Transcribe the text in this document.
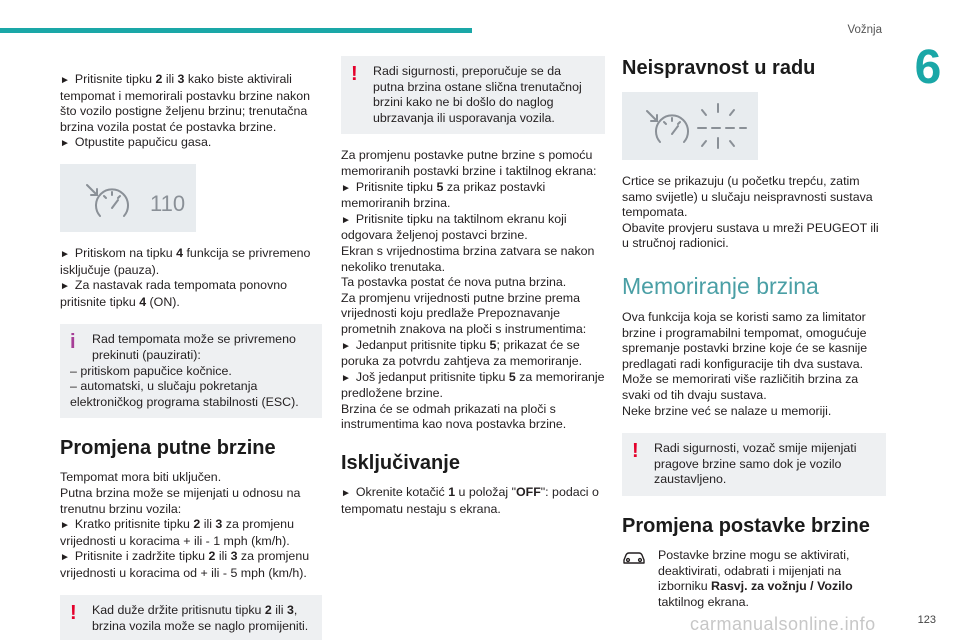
Vožnja
6

► Pritisnite tipku 2 ili 3 kako biste aktivirali tempomat i memorirali postavku brzine nakon što vozilo postigne željenu brzinu; trenutačna brzina vozila postat će postavka brzine.

► Otpustite papučicu gasa.

110

► Pritiskom na tipku 4 funkcija se privremeno isključuje (pauza).

► Za nastavak rada tempomata ponovno pritisnite tipku 4 (ON).

i	Rad tempomata može se privremeno prekinuti (pauzirati):

– pritiskom papučice kočnice.

– automatski, u slučaju pokretanja elektroničkog programa stabilnosti (ESC).

Promjena putne brzine

Tempomat mora biti uključen.

Putna brzina može se mijenjati u odnosu na trenutnu brzinu vozila:

► Kratko pritisnite tipku 2 ili 3 za promjenu vrijednosti u koracima + ili - 1 mph (km/h).

► Pritisnite i zadržite tipku 2 ili 3 za promjenu vrijednosti u koracima od + ili - 5 mph (km/h).

!	Kad duže držite pritisnutu tipku 2 ili 3, brzina vozila može se naglo promijeniti.

!	Radi sigurnosti, preporučuje se da putna brzina ostane slična trenutačnoj brzini kako ne bi došlo do naglog ubrzavanja ili usporavanja vozila.

Za promjenu postavke putne brzine s pomoću memoriranih postavki brzine i taktilnog ekrana:

► Pritisnite tipku 5 za prikaz postavki memoriranih brzina.

► Pritisnite tipku na taktilnom ekranu koji odgovara željenoj postavci brzine.

Ekran s vrijednostima brzina zatvara se nakon nekoliko trenutaka.

Ta postavka postat će nova putna brzina.

Za promjenu vrijednosti putne brzine prema vrijednosti koju predlaže Prepoznavanje prometnih znakova na ploči s instrumentima:

► Jedanput pritisnite tipku 5; prikazat će se poruka za potvrdu zahtjeva za memoriranje.

► Još jedanput pritisnite tipku 5 za memoriranje predložene brzine.

Brzina će se odmah prikazati na ploči s instrumentima kao nova postavka brzine.

Isključivanje

► Okrenite kotačić 1 u položaj "OFF": podaci o tempomatu nestaju s ekrana.

Neispravnost u radu

Crtice se prikazuju (u početku trepću, zatim samo svijetle) u slučaju neispravnosti sustava tempomata.

Obavite provjeru sustava u mreži PEUGEOT ili u stručnoj radionici.

Memoriranje brzina

Ova funkcija koja se koristi samo za limitator brzine i programabilni tempomat, omogućuje spremanje postavki brzine koje će se kasnije predlagati radi konfiguracije tih dva sustava.

Može se memorirati više različitih brzina za svaki od tih dvaju sustava.

Neke brzine već se nalaze u memoriji.

!	Radi sigurnosti, vozač smije mijenjati pragove brzine samo dok je vozilo zaustavljeno.

Promjena postavke brzine

Postavke brzine mogu se aktivirati, deaktivirati, odabrati i mijenjati na izborniku Rasvj. za vožnju / Vozilo taktilnog ekrana.

carmanualsonline.info	123
